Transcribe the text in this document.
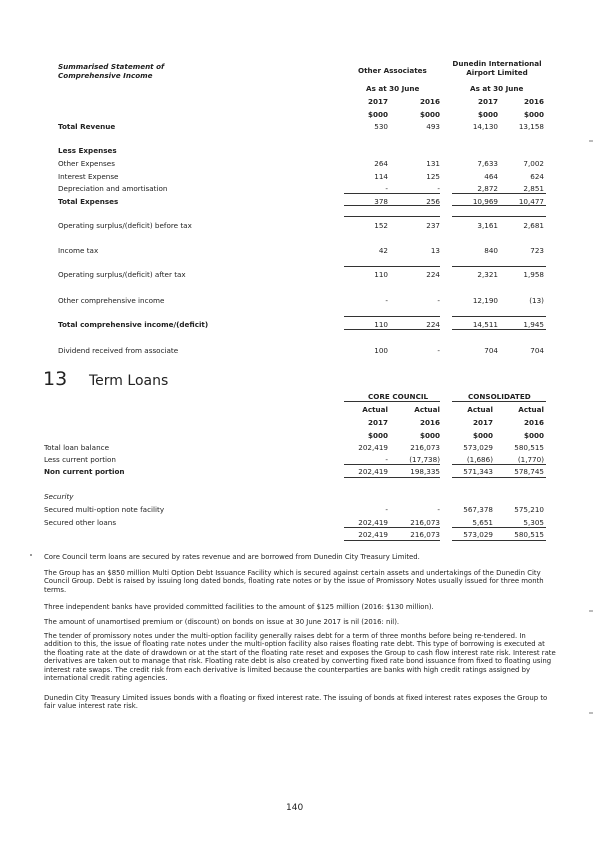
Summarised Statement of
Comprehensive Income
Other Associates
Dunedin International
Airport Limited
As at 30 June	As at 30 June
2017	2016	2017	2016
$000	$000	$000	$000
Total Revenue	530	493	14,130	13,158
Less Expenses
Other Expenses	264	131	7,633	7,002
Interest Expense	114	125	464	624
Depreciation and amortisation	-	-	2,872	2,851
Total Expenses	378	256	10,969	10,477
Operating surplus/(deficit) before tax	152	237	3,161	2,681
Income tax	42	13	840	723
Operating surplus/(deficit) after tax	110	224	2,321	1,958
Other comprehensive income	-	-	12,190	(13)
Total comprehensive income/(deficit)	110	224	14,511	1,945
Dividend received from associate	100	-	704	704
13 Term Loans
CORE COUNCIL	CONSOLIDATED
Actual	Actual	Actual	Actual
2017	2016	2017	2016
$000	$000	$000	$000
Total loan balance	202,419	216,073	573,029	580,515
Less current portion	-	(17,738)	(1,686)	(1,770)
Non current portion	202,419	198,335	571,343	578,745
Security
Secured multi-option note facility	-	-	567,378	575,210
Secured other loans	202,419	216,073	5,651	5,305
202,419	216,073	573,029	580,515
Core Council term loans are secured by rates revenue and are borrowed from Dunedin City Treasury Limited.
The Group has an $850 million Multi Option Debt Issuance Facility which is secured against certain assets and undertakings of the Dunedin City Council Group. Debt is raised by issuing long dated bonds, floating rate notes or by the issue of Promissory Notes usually issued for three month terms.
Three independent banks have provided committed facilities to the amount of $125 million (2016: $130 million).
The amount of unamortised premium or (discount) on bonds on issue at 30 June 2017 is nil (2016: nil).
The tender of promissory notes under the multi-option facility generally raises debt for a term of three months before being re-tendered. In addition to this, the issue of floating rate notes under the multi-option facility also raises floating rate debt. This type of borrowing is executed at the floating rate at the date of drawdown or at the start of the floating rate reset and exposes the Group to cash flow interest rate risk. Interest rate derivatives are taken out to manage that risk. Floating rate debt is also created by converting fixed rate bond issuance from fixed to floating using interest rate swaps. The credit risk from each derivative is limited because the counterparties are banks with high credit ratings assigned by international credit rating agencies.
Dunedin City Treasury Limited issues bonds with a floating or fixed interest rate. The issuing of bonds at fixed interest rates exposes the Group to fair value interest rate risk.
140
